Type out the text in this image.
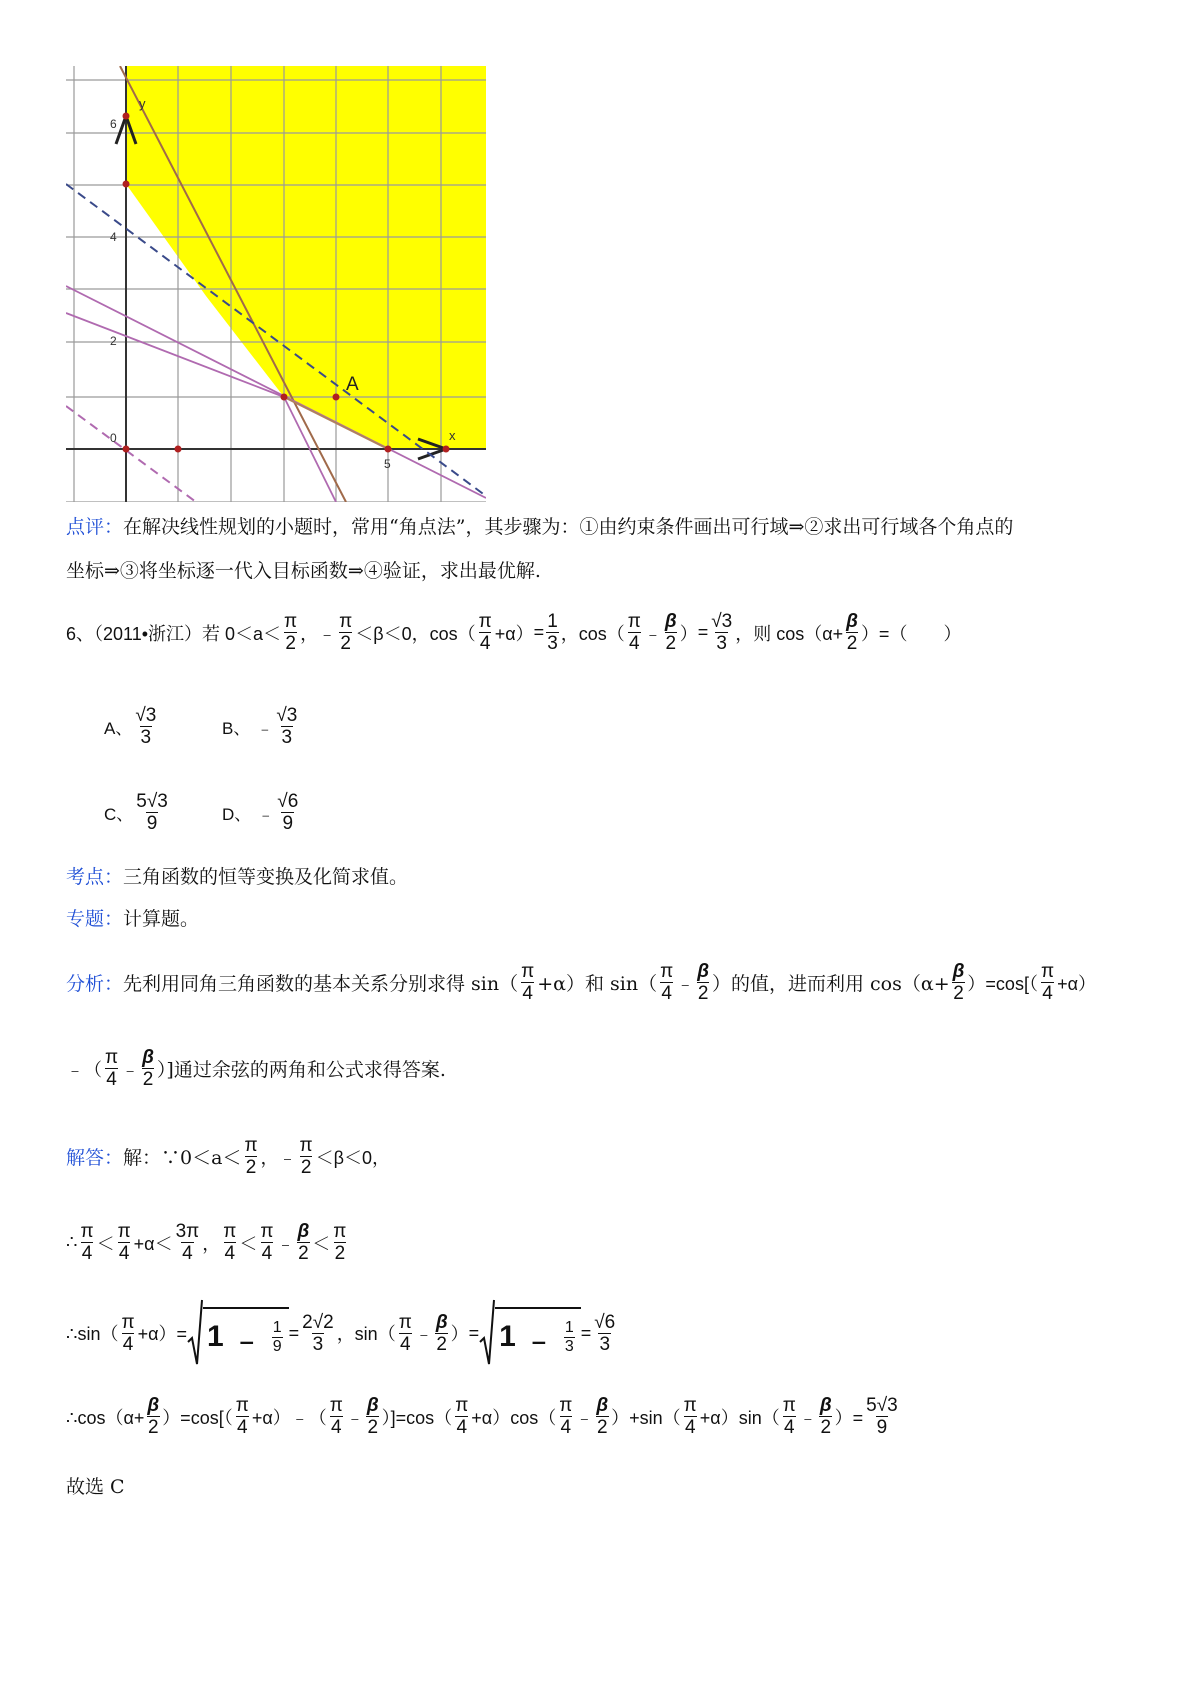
6
4
2
0
5
y
x
A
点评：在解决线性规划的小题时，常用“角点法”，其步骤为：①由约束条件画出可行域⇒②求出可行域各个角点的
坐标⇒③将坐标逐一代入目标函数⇒④验证，求出最优解.
6、（2011•浙江）若 $0<a< \frac{\pi}{2}$ ， ﹣ $\frac{\pi}{2} <\beta<0$，$\cos( \frac{\pi}{4} +\alpha) = \frac{1}{3}$ ，$\cos( \frac{\pi}{4}$ ﹣ $\frac{\beta}{2}$ ） = $\frac{√3}{3}$ ，则 $\cos(\alpha+ \frac{\beta}{2}$ ）=（　　）
A、 $\frac{√3}{3}$	B、 ﹣ $\frac{√3}{3}$
C、 $\frac{5√3}{9}$	D、 ﹣ $\frac{√6}{9}$
考点：三角函数的恒等变换及化简求值。
专题：计算题。
分析： 先利用同角三角函数的基本关系分别求得 $\sin( \frac{\pi}{4} +\alpha)$和 $\sin( \frac{\pi}{4}$ ﹣ $\frac{\beta}{2}$ ）的值，进而利用 $\cos(\alpha+ \frac{\beta}{2} )=\cos[( \frac{\pi}{4} +\alpha)$
﹣（ $\frac{\pi}{4}$ ﹣ $\frac{\beta}{2}$ ）]通过余弦的两角和公式求得答案.
解答： 解：∵0＜a＜ $\frac{\pi}{2}$ ，﹣ $\frac{\pi}{2} <\beta<0$，
∴ $\frac{\pi}{4} < \frac{\pi}{4} +\alpha< \frac{3\pi}{4}$ ， $\frac{\pi}{4} < \frac{\pi}{4}$ ﹣ $\frac{\beta}{2} < \frac{\pi}{2}$
∴sin（ $\frac{\pi}{4} +\alpha)= 1$ ﹣ $\frac{1}{9} = \frac{2√2}{3}$ ，$\sin( \frac{\pi}{4}$ ﹣ $\frac{\beta}{2}$ ） = 1 ﹣ $\frac{1}{3} = \frac{√6}{3}$
∴cos（α+ $\frac{\beta}{2} )=\cos[( \frac{\pi}{4}$ +α）﹣（ $\frac{\pi}{4}$ ﹣ $\frac{\beta}{2} )]=\cos( \frac{\pi}{4} +\alpha)\cos( \frac{\pi}{4}$ ﹣ $\frac{\beta}{2} )+\sin( \frac{\pi}{4} +\alpha)\sin( \frac{\pi}{4}$ ﹣ $\frac{\beta}{2}$ ）= $\frac{5√3}{9}$
故选 C
